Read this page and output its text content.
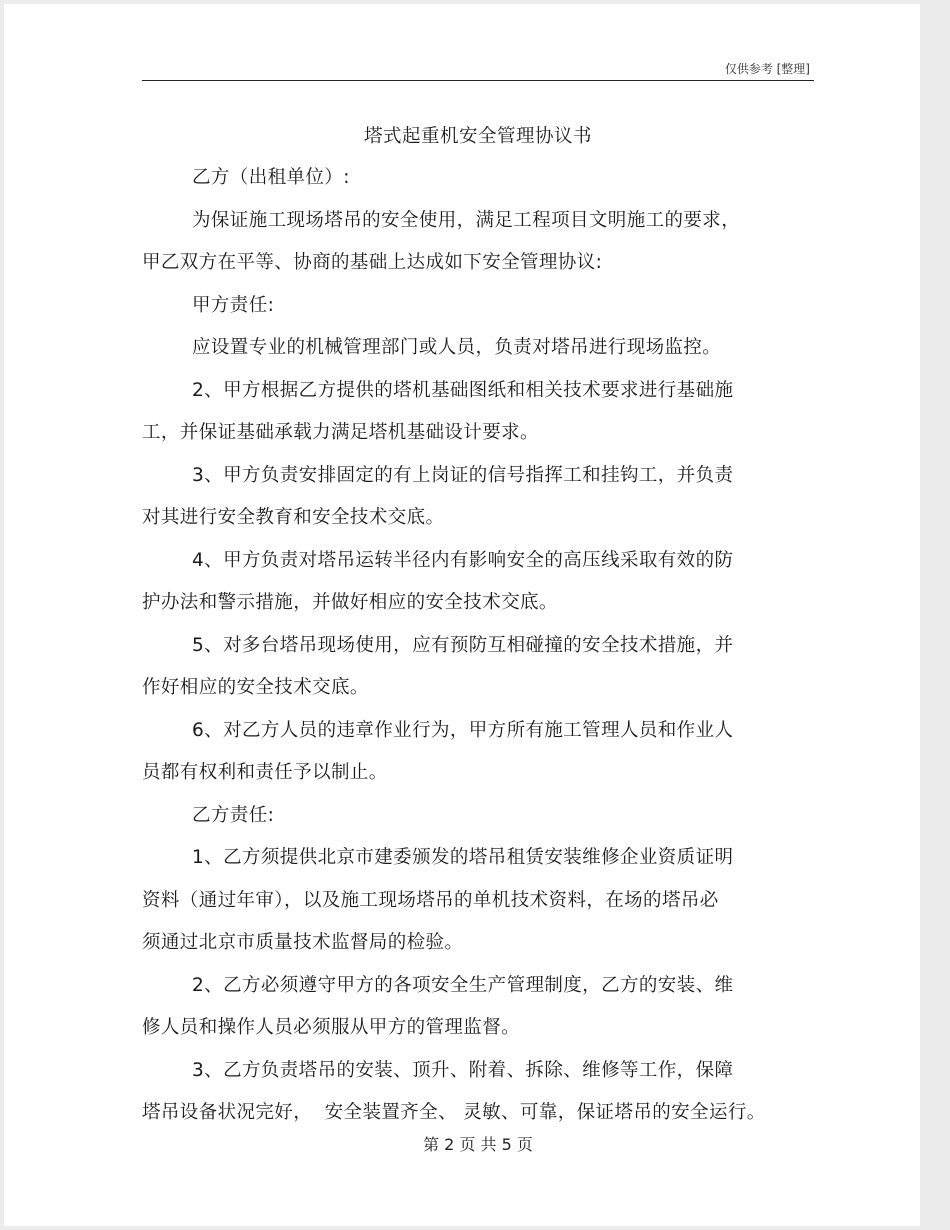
仅供参考 [整理]
塔式起重机安全管理协议书
乙方（出租单位）:
为保证施工现场塔吊的安全使用，满足工程项目文明施工的要求，
甲乙双方在平等、协商的基础上达成如下安全管理协议:
甲方责任:
应设置专业的机械管理部门或人员，负责对塔吊进行现场监控。
2、甲方根据乙方提供的塔机基础图纸和相关技术要求进行基础施
工，并保证基础承载力满足塔机基础设计要求。
3、甲方负责安排固定的有上岗证的信号指挥工和挂钩工，并负责
对其进行安全教育和安全技术交底。
4、甲方负责对塔吊运转半径内有影响安全的高压线采取有效的防
护办法和警示措施，并做好相应的安全技术交底。
5、对多台塔吊现场使用，应有预防互相碰撞的安全技术措施，并
作好相应的安全技术交底。
6、对乙方人员的违章作业行为，甲方所有施工管理人员和作业人
员都有权利和责任予以制止。
乙方责任:
1、乙方须提供北京市建委颁发的塔吊租赁安装维修企业资质证明
资料（通过年审），以及施工现场塔吊的单机技术资料，在场的塔吊必
须通过北京市质量技术监督局的检验。
2、乙方必须遵守甲方的各项安全生产管理制度，乙方的安装、维
修人员和操作人员必须服从甲方的管理监督。
3、乙方负责塔吊的安装、顶升、附着、拆除、维修等工作，保障
塔吊设备状况完好，  安全装置齐全、 灵敏、可靠，保证塔吊的安全运行。
第 2 页 共 5 页
